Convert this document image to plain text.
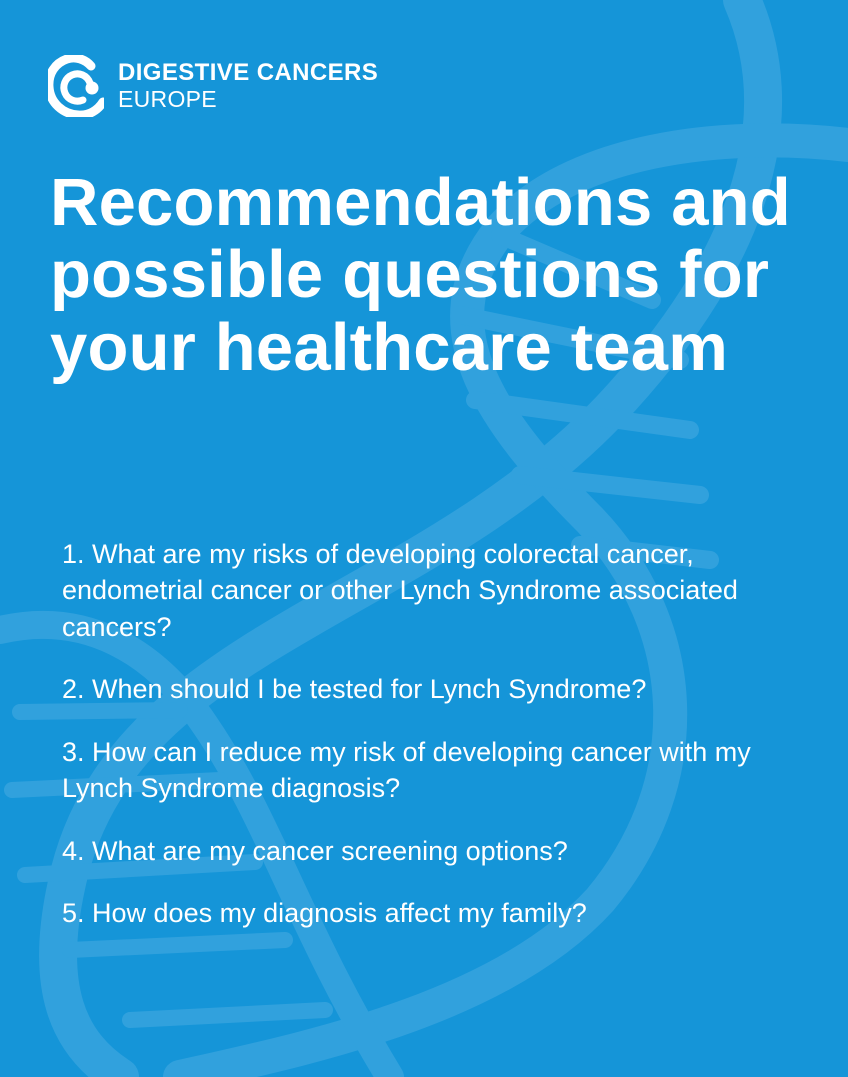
DIGESTIVE CANCERS
EUROPE
Recommendations and possible questions for your healthcare team
1. What are my risks of developing colorectal cancer, endometrial cancer or other Lynch Syndrome associated cancers?
2. When should I be tested for Lynch Syndrome?
3. How can I reduce my risk of developing cancer with my Lynch Syndrome diagnosis?
4. What are my cancer screening options?
5. How does my diagnosis affect my family?
